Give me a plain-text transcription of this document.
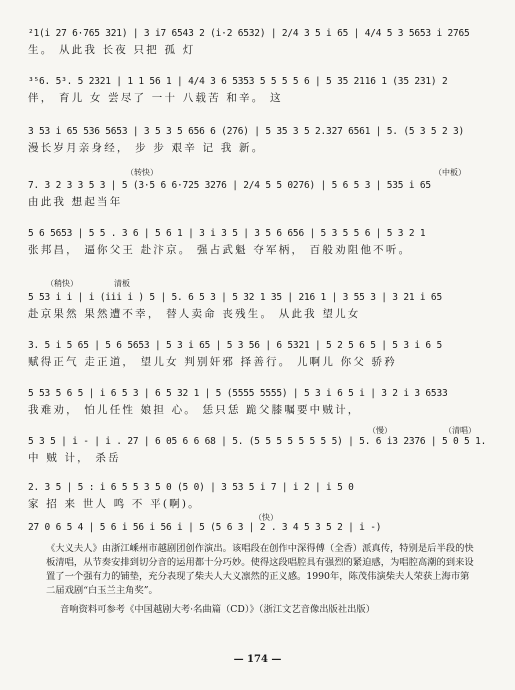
²1(i 27 6·765 321) | 3 i7 6543 2 (i·2 6532) | 2/4 3 5 i 65 | 4/4 5 3 5653 i 2765
生。 从此我 长夜 只把 孤 灯
³⁵6. 5³. 5 2321 | 1 1 56 1 | 4/4 3 6 5353 5 5 5 5 6 | 5 35 2116 1 (35 231) 2
伴， 育儿 女 尝尽了 一十 八载苦 和辛。 这
3 53 i 65 536 5653 | 3 5 3 5 656 6 (276) | 5 35 3 5 2.327 6561 | 5. (5 3 5 2 3)
漫长岁月亲身经， 步 步 艰辛 记 我 新。
（转快）	（中板）
7. 3 2 3 3 5 3 | 5 (3·5 6 6·725 3276 | 2/4 5 5 0276) | 5 6 5 3 | 535 i 65
由此我 想起当年
5 6 5653 | 5 5 . 3 6 | 5 6 1 | 3 i 3 5 | 3 5 6 656 | 5 3 5 5 6 | 5 3 2 1
张邦昌， 逼你父王 赴汴京。 强占武魁 夺军柄， 百般劝阻他不听。
（稍快）	清板
5 53 i i | i (iii i ) 5 | 5. 6 5 3 | 5 32 1 35 | 216 1 | 3 55 3 | 3 21 i 65
赴京果然 果然遭不幸， 替人卖命 丧残生。 从此我 望儿女
3. 5 i 5 65 | 5 6 5653 | 5 3 i 65 | 5 3 56 | 6 5321 | 5 2 5 6 5 | 5 3 i 6 5
赋得正气 走正道， 望儿女 判别奸邪 择善行。 儿啊儿 你父 骄矜
5 53 5 6 5 | i 6 5 3 | 6 5 32 1 | 5 (5555 5555) | 5 3 i 6 5 i | 3 2 i 3 6533
我难劝， 怕儿任性 娘担 心。 恁只恁 跪父膝嘱要中贼计，
（慢）	（清唱）
5 3 5 | i - | i . 27 | 6 05 6 6 68 | 5. (5 5 5 5 5 5 5 5) | 5. 6 i3 2376 | 5 0 5 1.
中 贼 计， 杀岳
2. 3 5 | 5 : i 6 5 5 3 5 0 (5 0) | 3 53 5 i 7 | i 2 | i 5 0
家 招 来 世人 鸣 不 平(啊)。
（快）
27 0 6 5 4 | 5 6 i 56 i 56 i | 5 (5 6 3 | 2 . 3 4 5 3 5 2 | i -)
《大义夫人》由浙江嵊州市越剧团创作演出。该唱段在创作中深得傅（全香）派真传，特别是后半段的快板清唱，从节奏安排到切分音的运用都十分巧妙。使得这段唱腔具有强烈的紧迫感，为唱腔高潮的到来设置了一个强有力的铺垫，充分表现了柴夫人大义凛然的正义感。1990年，陈茂伟演柴夫人荣获上海市第二届戏剧“白玉兰主角奖”。
音响资料可参考《中国越剧大考·名曲篇（CD）》（浙江文艺音像出版社出版）
— 174 —
